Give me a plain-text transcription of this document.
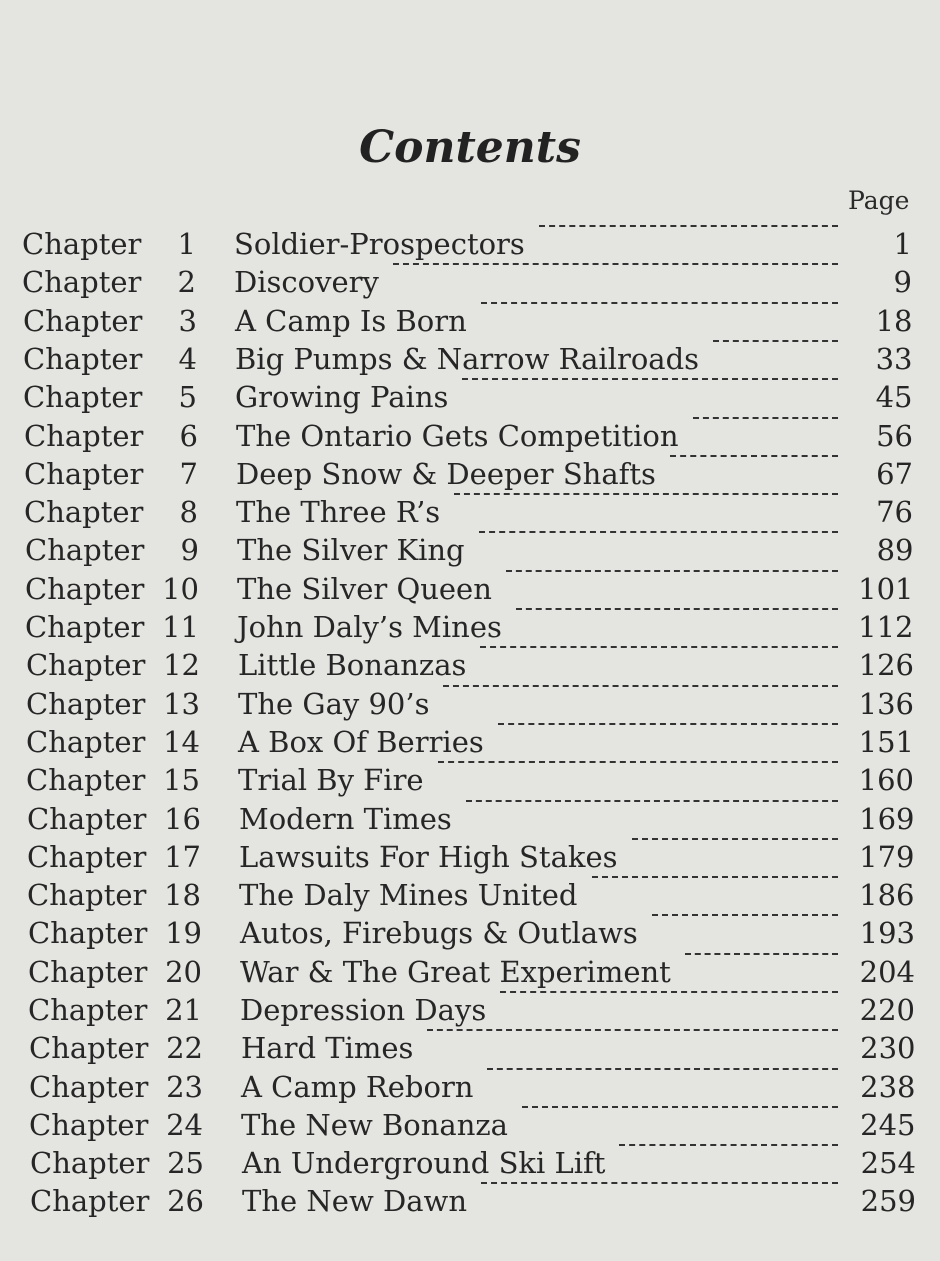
Contents
Page
Chapter	1 Soldier-Prospectors	1
Chapter	2 Discovery	9
Chapter	3 A Camp Is Born	18
Chapter	4 Big Pumps & Narrow Railroads	33
Chapter	5 Growing Pains	45
Chapter	6 The Ontario Gets Competition	56
Chapter	7 Deep Snow & Deeper Shafts	67
Chapter	8 The Three R’s	76
Chapter	9 The Silver King	89
Chapter 10 The Silver Queen	101
Chapter 11 John Daly’s Mines	112
Chapter 12 Little Bonanzas	126
Chapter 13 The Gay 90’s	136
Chapter 14 A Box Of Berries	151
Chapter 15 Trial By Fire	160
Chapter 16 Modern Times	169
Chapter 17 Lawsuits For High Stakes	179
Chapter 18 The Daly Mines United	186
Chapter 19 Autos, Firebugs & Outlaws	193
Chapter 20 War & The Great Experiment	204
Chapter 21 Depression Days	220
Chapter 22 Hard Times	230
Chapter 23 A Camp Reborn	238
Chapter 24 The New Bonanza	245
Chapter 25 An Underground Ski Lift	254
Chapter 26 The New Dawn	259
